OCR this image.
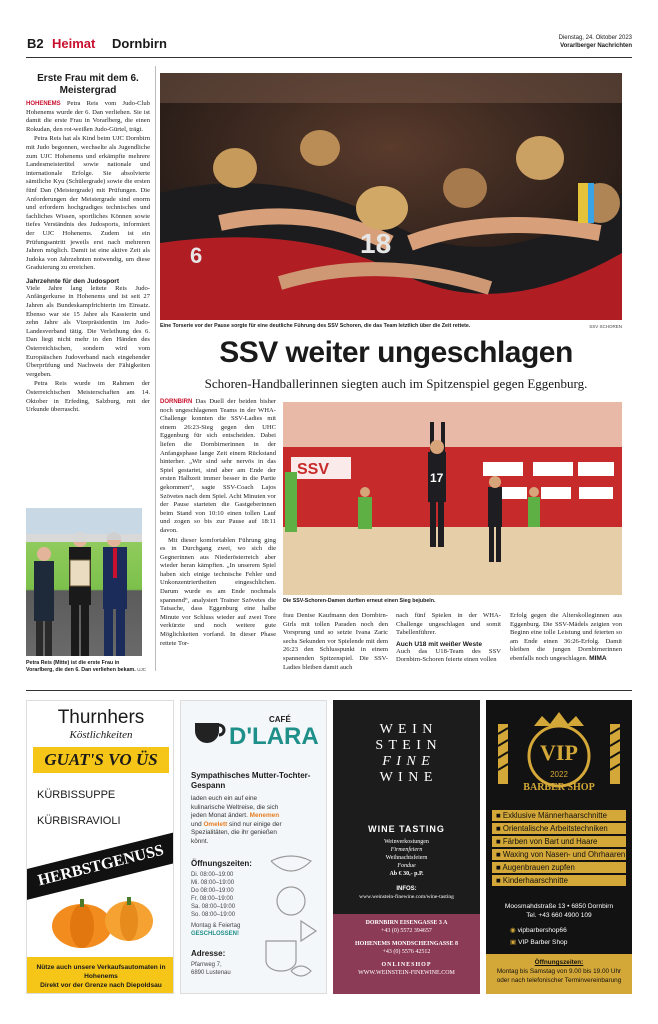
B2 Heimat Dornbirn	Dienstag, 24. Oktober 2023
Vorarlberger Nachrichten
Erste Frau mit dem 6. Meistergrad

HOHENEMS Petra Reis vom Judo-Club Hohenems wurde der 6. Dan verliehen. Sie ist damit die erste Frau in Vorarlberg, die einen Rokudan, den rot-weißen Judo-Gürtel, trägt.

Petra Reis hat als Kind beim UJC Dornbirn mit Judo begonnen, wechselte als Jugendliche zum UJC Hohenems und erkämpfte mehrere Landesmeistertitel sowie nationale und internationale Erfolge. Sie absolvierte sämtliche Kyu (Schülergrade) sowie die ersten fünf Dan (Meistergrade) mit Prüfungen. Die Anforderungen der Meistergrade sind enorm und erfordern hochgradiges technisches und fachliches Wissen, sportliches Können sowie tiefes Verständnis des Judosports, informiert der UJC Hohenems. Zudem ist ein Prüfungsantritt jeweils erst nach mehreren Jahren möglich. Damit ist eine aktive Zeit als Judoka von Jahrzehnten notwendig, um diese Graduierung zu erreichen.

Jahrzehnte für den Judosport

Viele Jahre lang leitete Reis Judo-Anfängerkurse in Hohenems und ist seit 27 Jahren als Bundeskampfrichterin im Einsatz. Ebenso war sie 15 Jahre als Kassierin und zehn Jahre als Vizepräsidentin im Judo-Landesverband tätig. Die Verleihung des 6. Dan liegt nicht mehr in den Händen des Österreichischen, sondern wird vom Europäischen Judoverband nach eingehender Überprüfung und Nachweis der Fähigkeiten vergeben.

Petra Reis wurde im Rahmen der Österreichischen Meisterschaften am 14. Oktober in Erfeding, Salzburg, mit der Urkunde überrascht.

Petra Reis (Mitte) ist die erste Frau in Vorarlberg, die den 6. Dan verliehen bekam. UJC
18
6
Eine Torserie vor der Pause sorgte für eine deutliche Führung des SSV Schoren, die das Team letztlich über die Zeit rettete.	SSV SCHOREN
SSV weiter ungeschlagen
Schoren-Handballerinnen siegten auch im Spitzenspiel gegen Eggenburg.

DORNBIRN Das Duell der beiden bisher noch ungeschlagenen Teams in der WHA-Challenge konnten die SSV-Ladies mit einem 26:23-Sieg gegen den UHC Eggenburg für sich entscheiden. Dabei liefen die Dornbirnerinnen in der Anfangsphase lange Zeit einem Rückstand hinterher. „Wir sind sehr nervös in das Spiel gestartet, sind aber am Ende der ersten Halbzeit immer besser in die Partie gekommen“, sagte SSV-Coach Lajos Szövetes nach dem Spiel. Acht Minuten vor der Pause starteten die Gastgeberinnen beim Stand von 10:10 einen tollen Lauf und zogen so bis zur Pause auf 18:11 davon.

Mit dieser komfortablen Führung ging es in Durchgang zwei, wo sich die Gegnerinnen aus Niederösterreich aber wieder heran kämpften. „In unserem Spiel haben sich einige technische Fehler und Unkonzentriertheiten eingeschlichen. Darum wurde es am Ende nochmals spannend“, analysiert Trainer Szövetes die Tatsache, dass Eggenburg eine halbe Minute vor Schluss wieder auf zwei Tore verkürzte und noch weitere gute Möglichkeiten vorfand. In dieser Phase rettete Tor-

SSV	17
Die SSV-Schoren-Damen durften erneut einen Sieg bejubeln.
frau Denise Kaufmann den Dornbirn-Girls mit tollen Paraden noch den Vorsprung und so setzte Ivana Zaric sechs Sekunden vor Spielende mit dem 26:23 den Schlusspunkt in einem spannenden Spitzenspiel. Die SSV-Ladies bleiben damit auch

nach fünf Spielen in der WHA-Challenge ungeschlagen und somit Tabellenführer.

Auch U18 mit weißer Weste

Auch das U18-Team des SSV Dornbirn-Schoren feierte einen vollen

Erfolg gegen die Alterskolleginnen aus Eggenburg. Die SSV-Mädels zeigten von Beginn eine tolle Leistung und feierten so am Ende einen 36:26-Erfolg. Damit bleiben die jungen Dornbirnerinnen ebenfalls noch ungeschlagen. MIMA
Thurnhers
Köstlichkeiten
GUAT'S VO ÜS
KÜRBISSUPPE
KÜRBISRAVIOLI
HERBSTGENUSS
Nütze auch unsere Verkaufsautomaten in Hohenems
Direkt vor der Grenze nach Diepoldsau
CAFÉ
D'LARA
Sympathisches Mutter-Tochter-Gespann
laden euch ein auf eine kulinarische Weltreise, die sich jeden Monat ändert. Menemen und Omelett sind nur einige der Spezialitäten, die ihr genießen könnt.
Öffnungszeiten:
Di. 08:00–19:00
Mi. 08:00–19:00
Do 08:00–19:00
Fr. 08:00–19:00
Sa. 08:00–19:00
So. 08:00–19:00
Montag & Feiertag
GESCHLOSSEN!
Adresse:
Pfarrweg 7,
6890 Lustenau
W E I N
S T E I N
F I N E
W I N E
WINE TASTING
Weinverkostungen
Firmenfeiern
Weihnachtsfeiern
Fondue
Ab € 30,- p.P.
INFOS:
www.weinstein-finewine.com/wine-tasting
DORNBIRN EISENGASSE 3 A
+43 (0) 5572 394657
HOHENEMS MONDSCHEINGASSE 8
+43 (0) 5576 42512
ONLINESHOP
WWW.WEINSTEIN-FINEWINE.COM
VIP
2022
BARBER SHOP
■ Exklusive Männerhaarschnitte
■ Orientalische Arbeitstechniken
■ Färben von Bart und Haare
■ Waxing von Nasen- und Ohrhaaren
■ Augenbrauen zupfen
■ Kinderhaarschnitte
Moosmahdstraße 13 • 6850 Dornbirn
Tel. +43 660 4900 109
◉ vipbarbershop66
▣ VIP Barber Shop
Öffnungszeiten:
Montag bis Samstag von 9.00 bis 19.00 Uhr
oder nach telefonischer Terminvereinbarung
